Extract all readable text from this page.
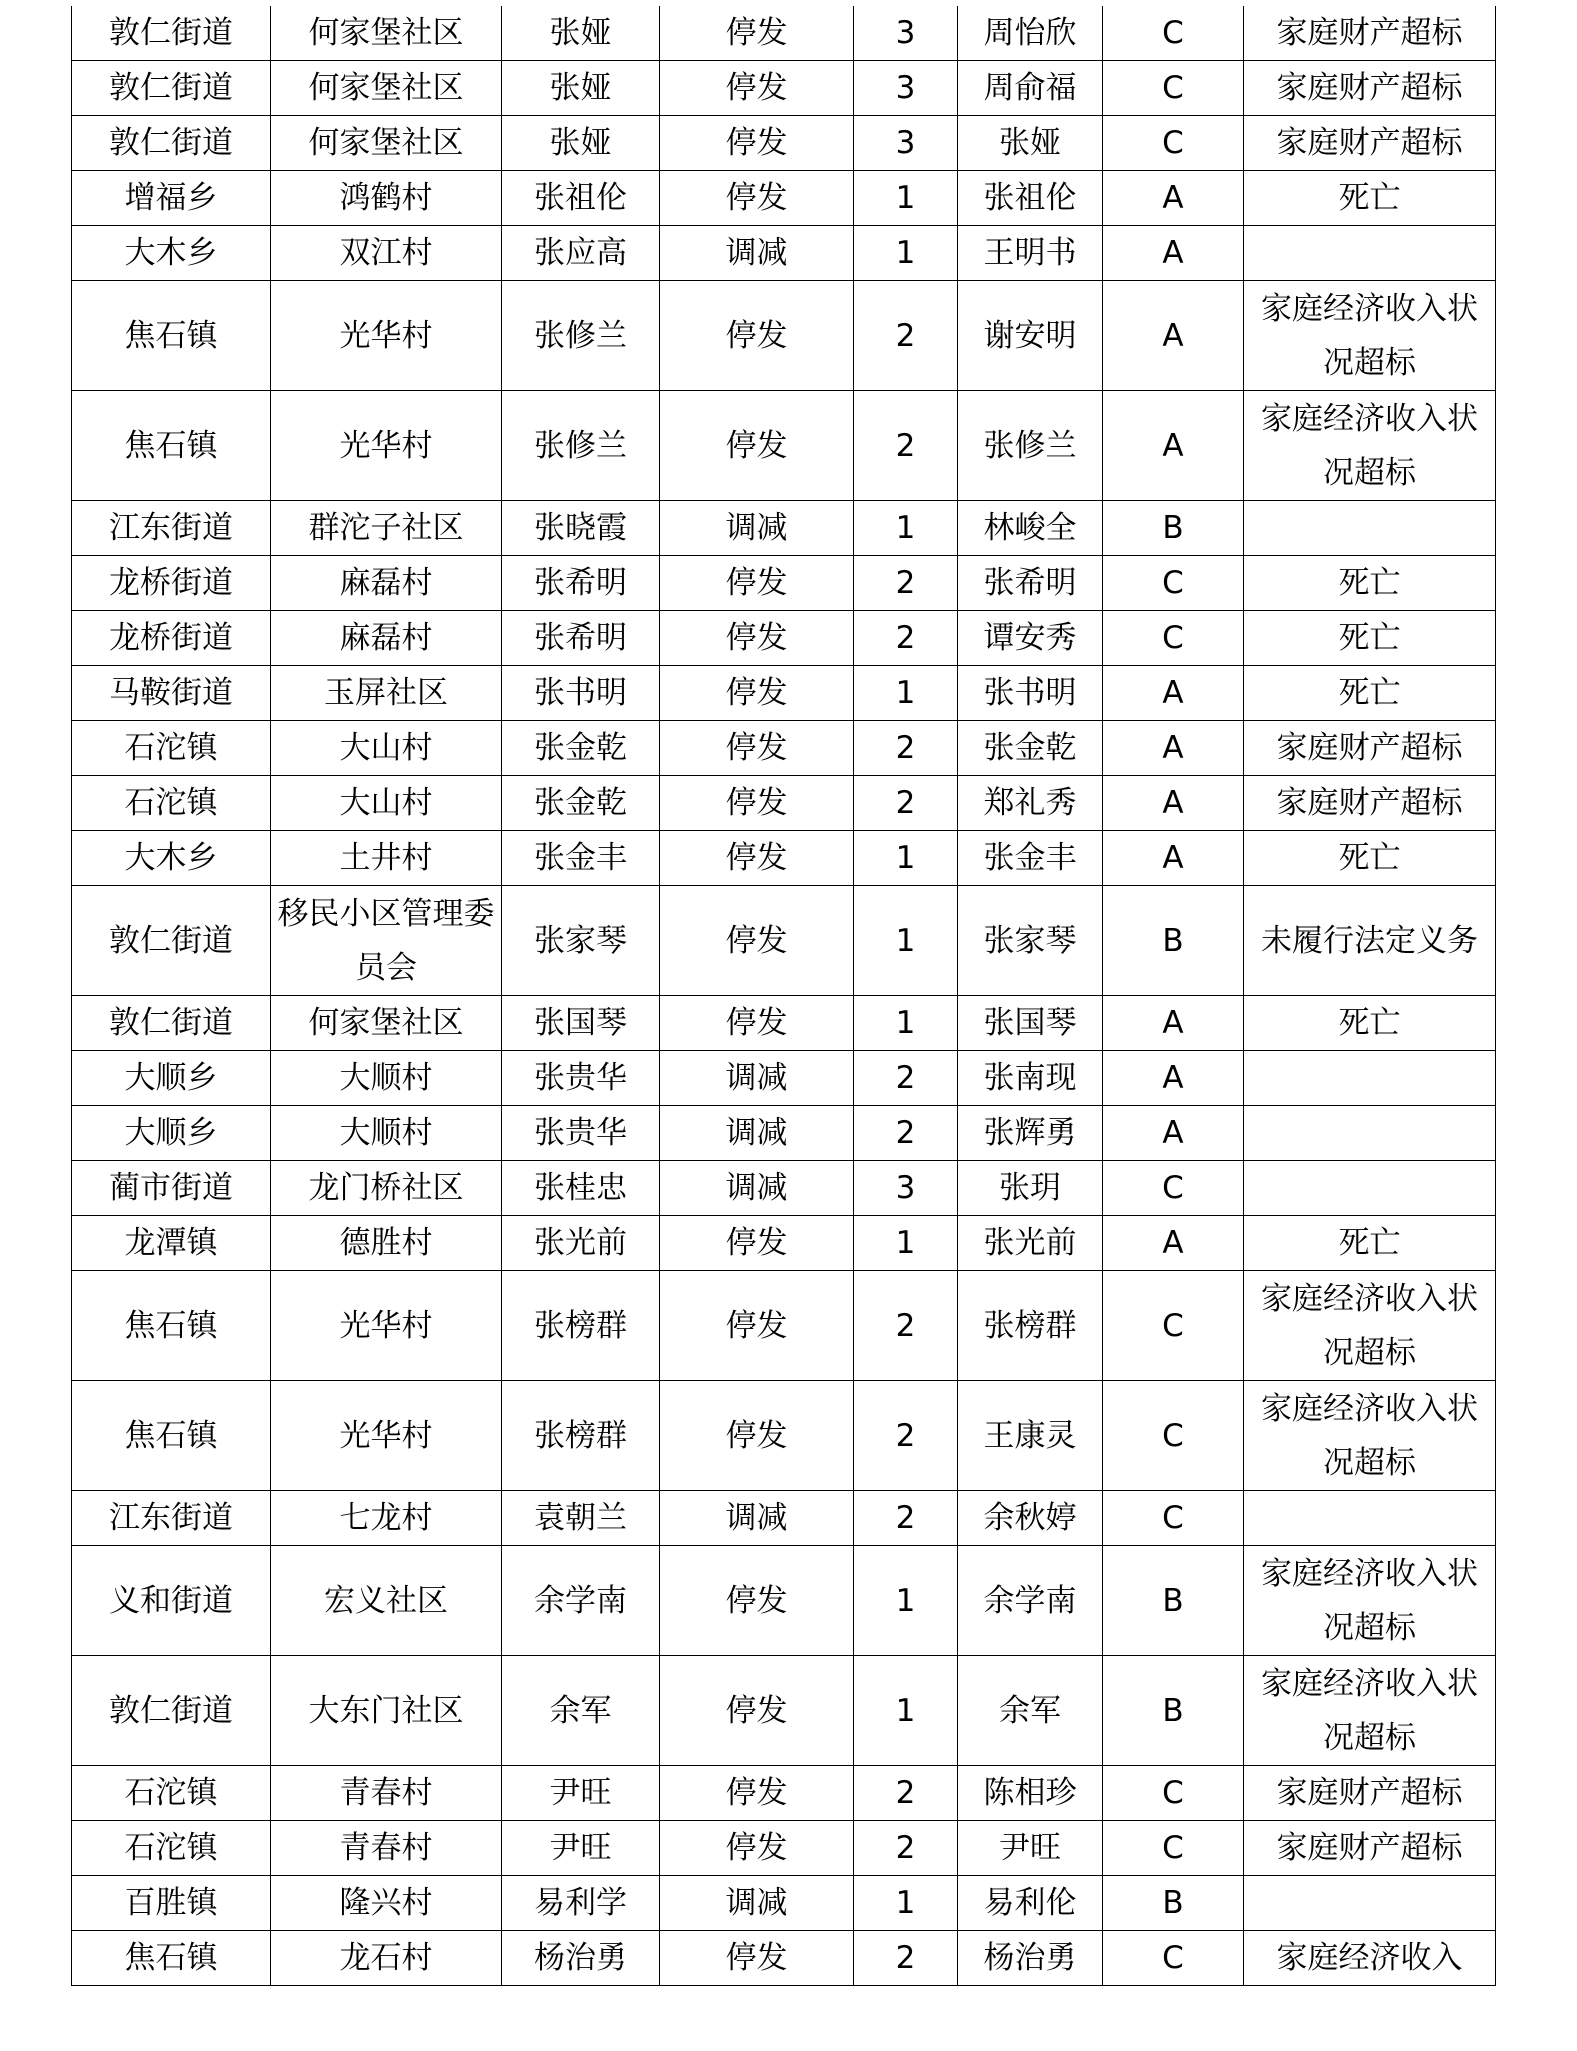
敦仁街道	何家堡社区	张娅	停发	3	周怡欣	C	家庭财产超标
敦仁街道	何家堡社区	张娅	停发	3	周俞福	C	家庭财产超标
敦仁街道	何家堡社区	张娅	停发	3	张娅	C	家庭财产超标
增福乡	鸿鹤村	张祖伦	停发	1	张祖伦	A	死亡
大木乡	双江村	张应高	调减	1	王明书	A	
焦石镇	光华村	张修兰	停发	2	谢安明	A	家庭经济收入状况超标
焦石镇	光华村	张修兰	停发	2	张修兰	A	家庭经济收入状况超标
江东街道	群沱子社区	张晓霞	调减	1	林峻全	B	
龙桥街道	麻磊村	张希明	停发	2	张希明	C	死亡
龙桥街道	麻磊村	张希明	停发	2	谭安秀	C	死亡
马鞍街道	玉屏社区	张书明	停发	1	张书明	A	死亡
石沱镇	大山村	张金乾	停发	2	张金乾	A	家庭财产超标
石沱镇	大山村	张金乾	停发	2	郑礼秀	A	家庭财产超标
大木乡	土井村	张金丰	停发	1	张金丰	A	死亡
敦仁街道	移民小区管理委员会	张家琴	停发	1	张家琴	B	未履行法定义务
敦仁街道	何家堡社区	张国琴	停发	1	张国琴	A	死亡
大顺乡	大顺村	张贵华	调减	2	张南现	A	
大顺乡	大顺村	张贵华	调减	2	张辉勇	A	
蔺市街道	龙门桥社区	张桂忠	调减	3	张玥	C	
龙潭镇	德胜村	张光前	停发	1	张光前	A	死亡
焦石镇	光华村	张榜群	停发	2	张榜群	C	家庭经济收入状况超标
焦石镇	光华村	张榜群	停发	2	王康灵	C	家庭经济收入状况超标
江东街道	七龙村	袁朝兰	调减	2	余秋婷	C	
义和街道	宏义社区	余学南	停发	1	余学南	B	家庭经济收入状况超标
敦仁街道	大东门社区	余军	停发	1	余军	B	家庭经济收入状况超标
石沱镇	青春村	尹旺	停发	2	陈相珍	C	家庭财产超标
石沱镇	青春村	尹旺	停发	2	尹旺	C	家庭财产超标
百胜镇	隆兴村	易利学	调减	1	易利伦	B	
焦石镇	龙石村	杨治勇	停发	2	杨治勇	C	家庭经济收入
